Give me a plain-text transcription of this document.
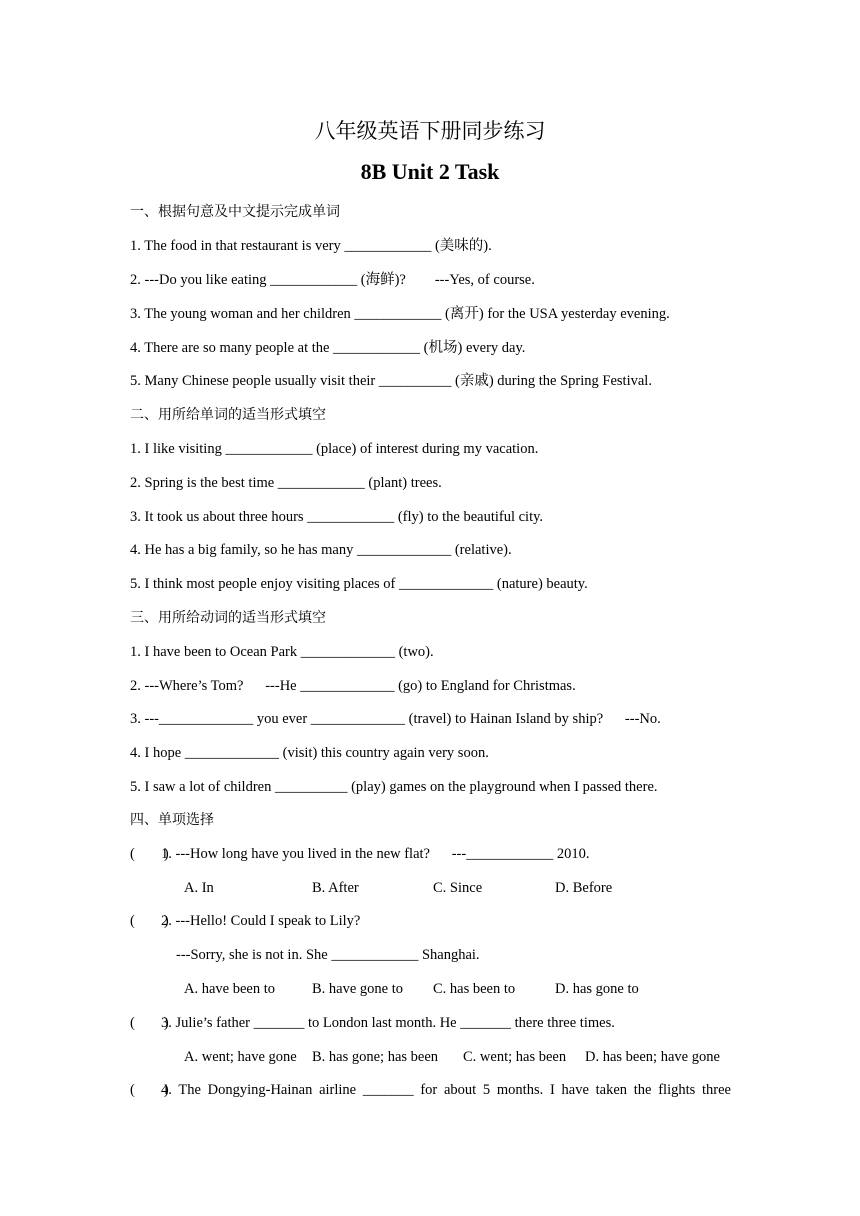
八年级英语下册同步练习
8B Unit 2 Task
一、根据句意及中文提示完成单词
1. The food in that restaurant is very ____________ (美味的).
2. ---Do you like eating ____________ (海鲜)?        ---Yes, of course.
3. The young woman and her children ____________ (离开) for the USA yesterday evening.
4. There are so many people at the ____________ (机场) every day.
5. Many Chinese people usually visit their __________ (亲戚) during the Spring Festival.
二、用所给单词的适当形式填空
1. I like visiting ____________ (place) of interest during my vacation.
2. Spring is the best time ____________ (plant) trees.
3. It took us about three hours ____________ (fly) to the beautiful city.
4. He has a big family, so he has many _____________ (relative).
5. I think most people enjoy visiting places of _____________ (nature) beauty.
三、用所给动词的适当形式填空
1. I have been to Ocean Park _____________ (two).
2. ---Where’s Tom?      ---He _____________ (go) to England for Christmas.
3. ---_____________ you ever _____________ (travel) to Hainan Island by ship?      ---No.
4. I hope _____________ (visit) this country again very soon.
5. I saw a lot of children __________ (play) games on the playground when I passed there.
四、单项选择
(        )
1. ---How long have you lived in the new flat?      ---____________ 2010.
A. In	B. After	C. Since	D. Before
(        )
2. ---Hello! Could I speak to Lily?
---Sorry, she is not in. She ____________ Shanghai.
A. have been to	B. have gone to C. has been to	D. has gone to
(        )
3. Julie’s father _______ to London last month. He _______ there three times.
A. went; have gone B. has gone; has been C. went; has been D. has been; have gone
(        )
4. The Dongying-Hainan airline _______ for about 5 months. I have taken the flights three
